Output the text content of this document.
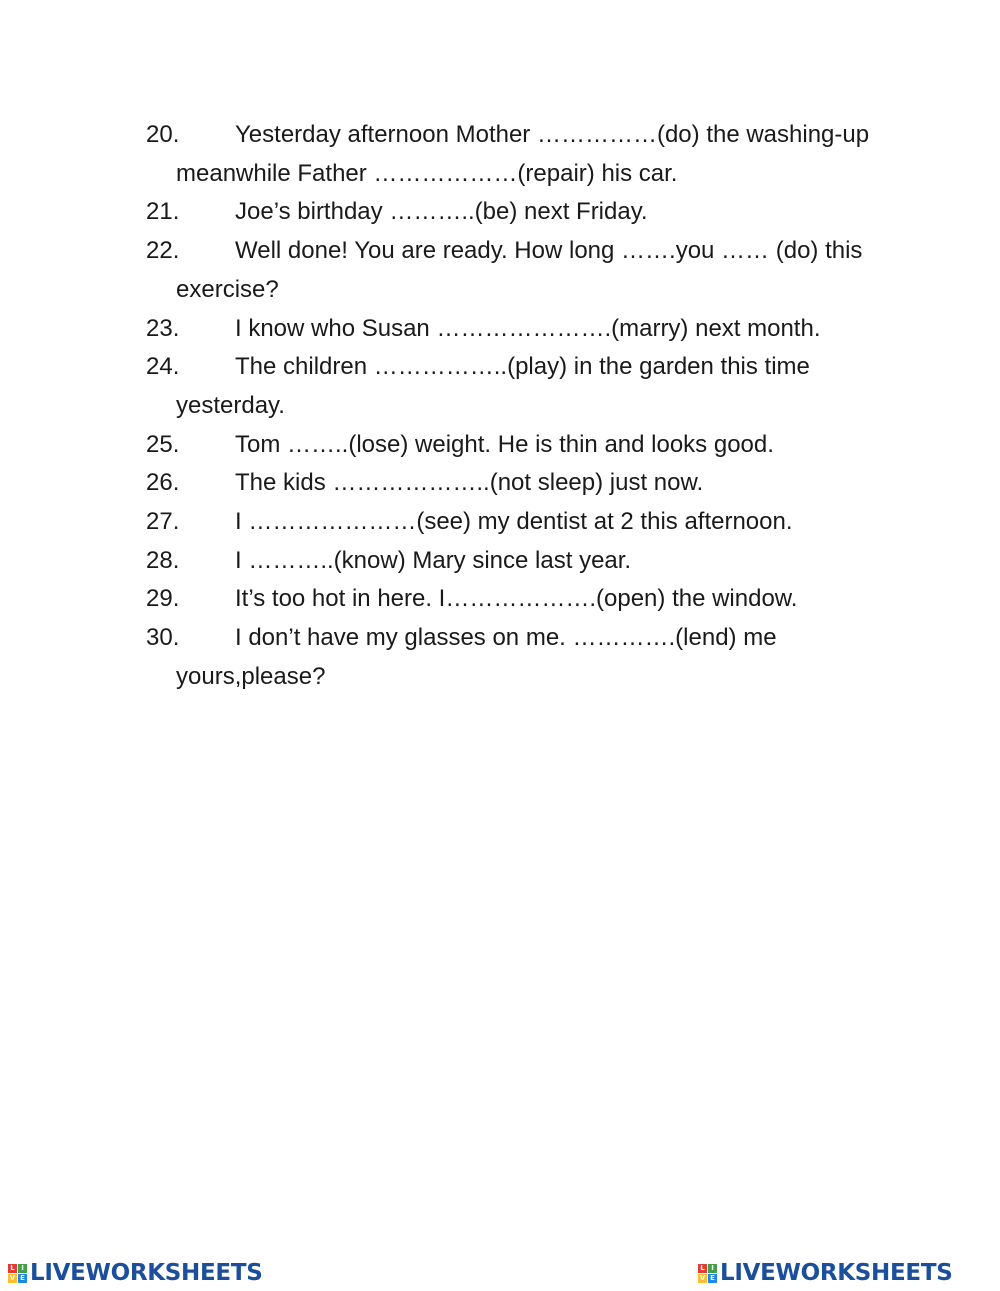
20. Yesterday afternoon Mother ……………(do) the washing-up meanwhile Father ………………(repair) his car.

21. Joe’s birthday ………..(be) next Friday.

22. Well done! You are ready. How long …….you …… (do) this exercise?

23. I know who Susan ………………….(marry) next month.

24. The children ……………..(play) in the garden this time yesterday.

25. Tom ……..(lose) weight. He is thin and looks good.

26. The kids ………………..(not sleep) just now.

27. I …………………(see) my dentist at 2 this afternoon.

28. I ………..(know) Mary since last year.

29. It’s too hot in here. I……………….(open) the window.

30. I don’t have my glasses on me. ………….(lend) me yours,please?

L I
V E LIVEWORKSHEETS	L I
V E LIVEWORKSHEETS
